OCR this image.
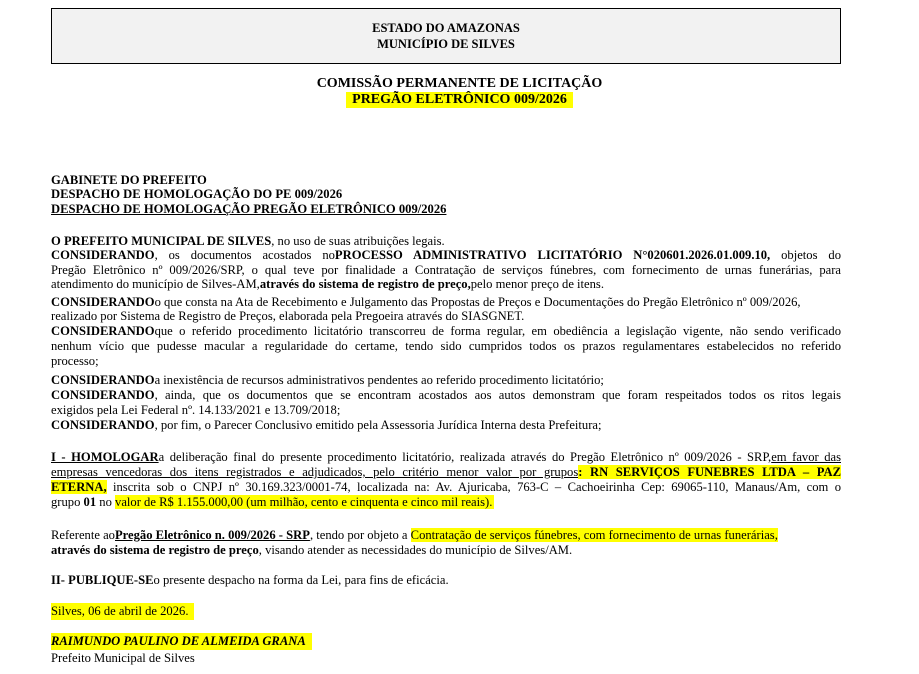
ESTADO DO AMAZONAS
MUNICÍPIO DE SILVES
COMISSÃO PERMANENTE DE LICITAÇÃO
PREGÃO ELETRÔNICO 009/2026
GABINETE DO PREFEITO
DESPACHO DE HOMOLOGAÇÃO DO PE 009/2026
DESPACHO DE HOMOLOGAÇÃO PREGÃO ELETRÔNICO 009/2026
O PREFEITO MUNICIPAL DE SILVES, no uso de suas atribuições legais.
CONSIDERANDO, os documentos acostados noPROCESSO ADMINISTRATIVO LICITATÓRIO N°020601.2026.01.009.10, objetos do
Pregão Eletrônico nº 009/2026/SRP, o qual teve por finalidade a Contratação de serviços fúnebres, com fornecimento de urnas funerárias, para
atendimento do município de Silves-AM,através do sistema de registro de preço,pelo menor preço de itens.
CONSIDERANDOo que consta na Ata de Recebimento e Julgamento das Propostas de Preços e Documentações do Pregão Eletrônico nº 009/2026,
realizado por Sistema de Registro de Preços, elaborada pela Pregoeira através do SIASGNET.
CONSIDERANDOque o referido procedimento licitatório transcorreu de forma regular, em obediência a legislação vigente, não sendo verificado
nenhum vício que pudesse macular a regularidade do certame, tendo sido cumpridos todos os prazos regulamentares estabelecidos no referido
processo;
CONSIDERANDOa inexistência de recursos administrativos pendentes ao referido procedimento licitatório;
CONSIDERANDO, ainda, que os documentos que se encontram acostados aos autos demonstram que foram respeitados todos os ritos legais
exigidos pela Lei Federal nº. 14.133/2021 e 13.709/2018;
CONSIDERANDO, por fim, o Parecer Conclusivo emitido pela Assessoria Jurídica Interna desta Prefeitura;
I - HOMOLOGARa deliberação final do presente procedimento licitatório, realizada através do Pregão Eletrônico nº 009/2026 - SRP,em favor das
empresas vencedoras dos itens registrados e adjudicados, pelo critério menor valor por grupos: RN SERVIÇOS FUNEBRES LTDA – PAZ
ETERNA, inscrita sob o CNPJ nº 30.169.323/0001-74, localizada na: Av. Ajuricaba, 763-C – Cachoeirinha Cep: 69065-110, Manaus/Am, com o
grupo 01 no valor de R$ 1.155.000,00 (um milhão, cento e cinquenta e cinco mil reais).
Referente aoPregão Eletrônico n. 009/2026 - SRP, tendo por objeto a Contratação de serviços fúnebres, com fornecimento de urnas funerárias,
através do sistema de registro de preço, visando atender as necessidades do município de Silves/AM.
II- PUBLIQUE-SEo presente despacho na forma da Lei, para fins de eficácia.
Silves, 06 de abril de 2026.
RAIMUNDO PAULINO DE ALMEIDA GRANA
Prefeito Municipal de Silves
